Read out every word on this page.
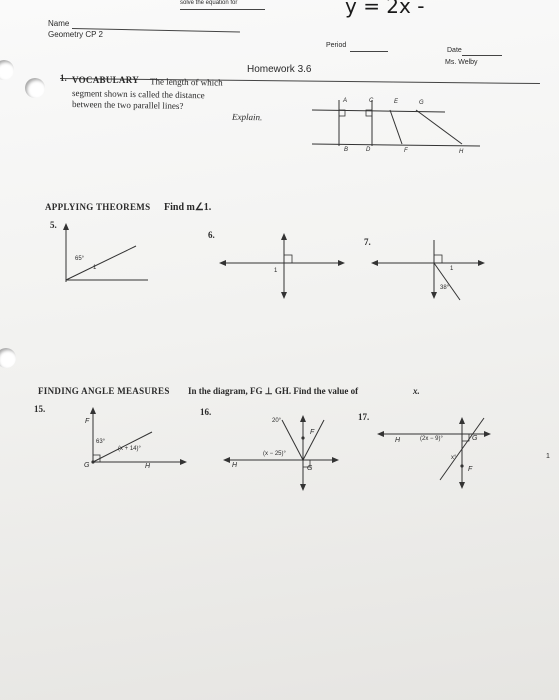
solve the equation for	y = 2x -
Name
Geometry CP 2
Period
Date
Ms. Welby
Homework 3.6
1. VOCABULARY The length of which
segment shown is called the distance
between the two parallel lines?
Explain.
A	C	E	G
B	D	F	H
APPLYING THEOREMS Find m∠1.
5.
6.
7.
65°
1	1	1
38°
FINDING ANGLE MEASURES In the diagram, FG ⊥ GH. Find the value of	x.
15.	16.	17.
F
G	H
63°
(x + 14)°
20°
(x − 25)°
F
G
H
H	G
F
(2x − 9)°
x°	1
